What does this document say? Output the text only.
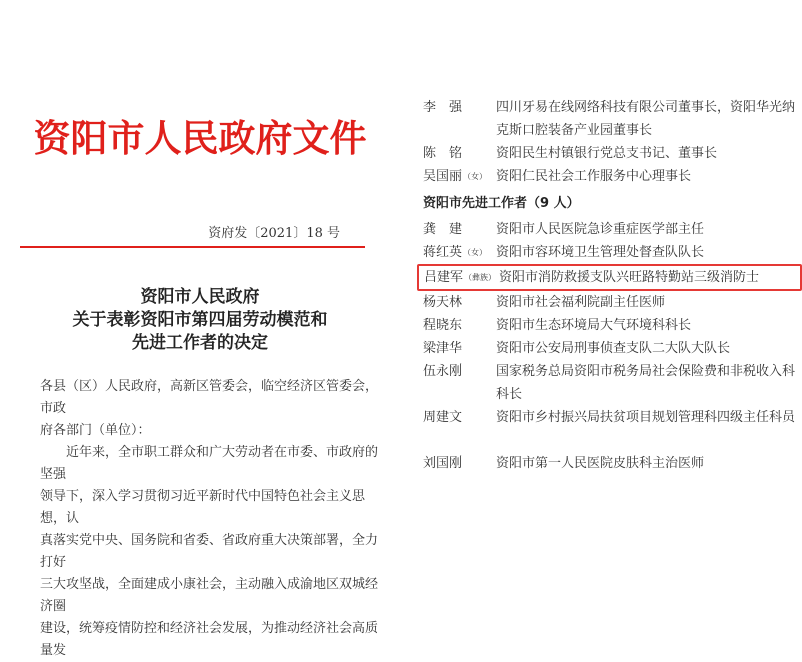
资阳市人民政府文件
资府发〔2021〕18 号
资阳市人民政府
关于表彰资阳市第四届劳动模范和
先进工作者的决定

各县（区）人民政府，高新区管委会，临空经济区管委会，市政

府各部门（单位）：

近年来，全市职工群众和广大劳动者在市委、市政府的坚强

领导下，深入学习贯彻习近平新时代中国特色社会主义思想，认

真落实党中央、国务院和省委、省政府重大决策部署，全力打好

三大攻坚战，全面建成小康社会，主动融入成渝地区双城经济圈

建设，统筹疫情防控和经济社会发展，为推动经济社会高质量发

李　强	四川牙易在线网络科技有限公司董事长，资阳华光纳克斯口腔装备产业园董事长
陈　铭	资阳民生村镇银行党总支书记、董事长
吴国丽（女） 资阳仁民社会工作服务中心理事长
资阳市先进工作者（9 人）
龚　建	资阳市人民医院急诊重症医学部主任
蒋红英（女） 资阳市容环境卫生管理处督查队队长
吕建军（彝族） 资阳市消防救援支队兴旺路特勤站三级消防士
杨天林	资阳市社会福利院副主任医师
程晓东	资阳市生态环境局大气环境科科长
梁津华	资阳市公安局刑事侦查支队二大队大队长
伍永刚	国家税务总局资阳市税务局社会保险费和非税收入科科长
周建文	资阳市乡村振兴局扶贫项目规划管理科四级主任科员
刘国刚	资阳市第一人民医院皮肤科主治医师
